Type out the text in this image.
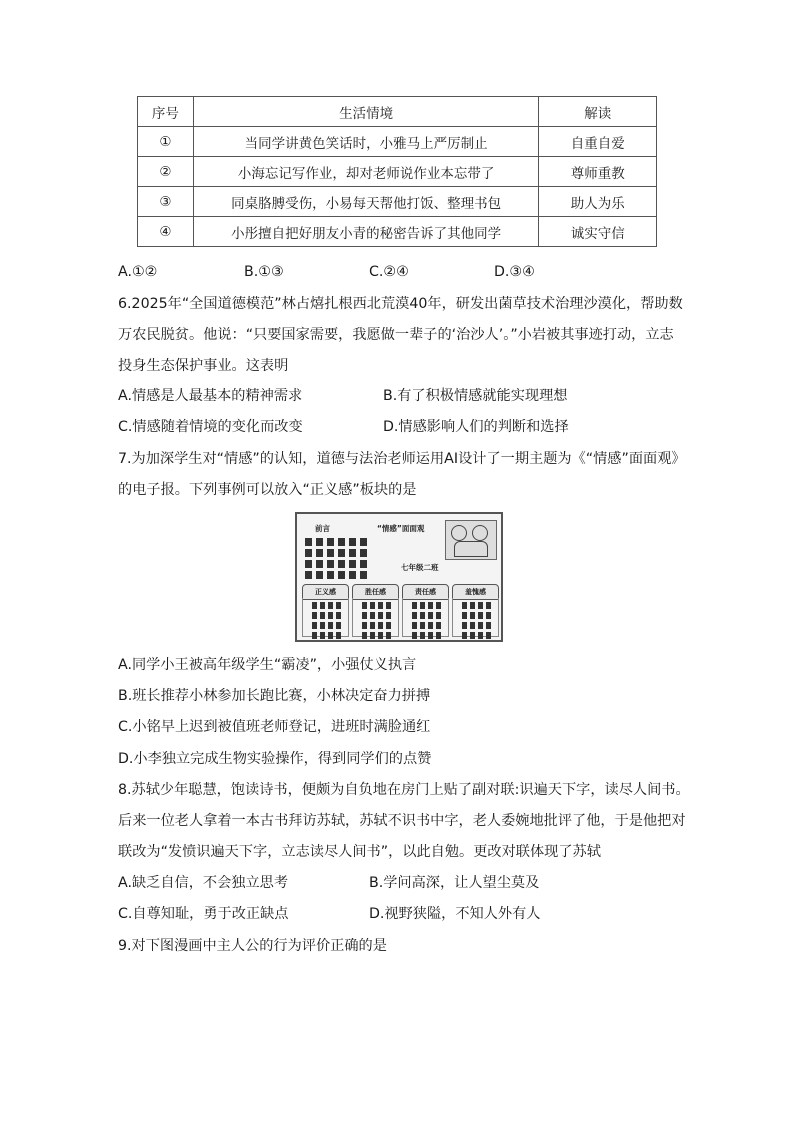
序号	生活情境	解读
①	当同学讲黄色笑话时，小雅马上严厉制止	自重自爱
②	小海忘记写作业，却对老师说作业本忘带了	尊师重教
③	同桌胳膊受伤，小易每天帮他打饭、整理书包	助人为乐
④	小彤擅自把好朋友小青的秘密告诉了其他同学	诚实守信
A.①②	B.①③	C.②④	D.③④
6.2025年“全国道德模范”林占熺扎根西北荒漠40年，研发出菌草技术治理沙漠化，帮助数
万农民脱贫。他说：“只要国家需要，我愿做一辈子的‘治沙人’。”小岩被其事迹打动，立志
投身生态保护事业。这表明
A.情感是人最基本的精神需求	B.有了积极情感就能实现理想
C.情感随着情境的变化而改变	D.情感影响人们的判断和选择
7.为加深学生对“情感”的认知，道德与法治老师运用AI设计了一期主题为《“情感”面面观》
的电子报。下列事例可以放入“正义感”板块的是
前言	“情感”面面观
七年级二班
正义感	胜任感	责任感	羞愧感
A.同学小王被高年级学生“霸凌”，小强仗义执言
B.班长推荐小林参加长跑比赛，小林决定奋力拼搏
C.小铭早上迟到被值班老师登记，进班时满脸通红
D.小李独立完成生物实验操作，得到同学们的点赞
8.苏轼少年聪慧，饱读诗书，便颇为自负地在房门上贴了副对联:识遍天下字，读尽人间书。
后来一位老人拿着一本古书拜访苏轼，苏轼不识书中字，老人委婉地批评了他，于是他把对
联改为“发愤识遍天下字，立志读尽人间书”，以此自勉。更改对联体现了苏轼
A.缺乏自信，不会独立思考	B.学问高深，让人望尘莫及
C.自尊知耻，勇于改正缺点	D.视野狭隘，不知人外有人
9.对下图漫画中主人公的行为评价正确的是
